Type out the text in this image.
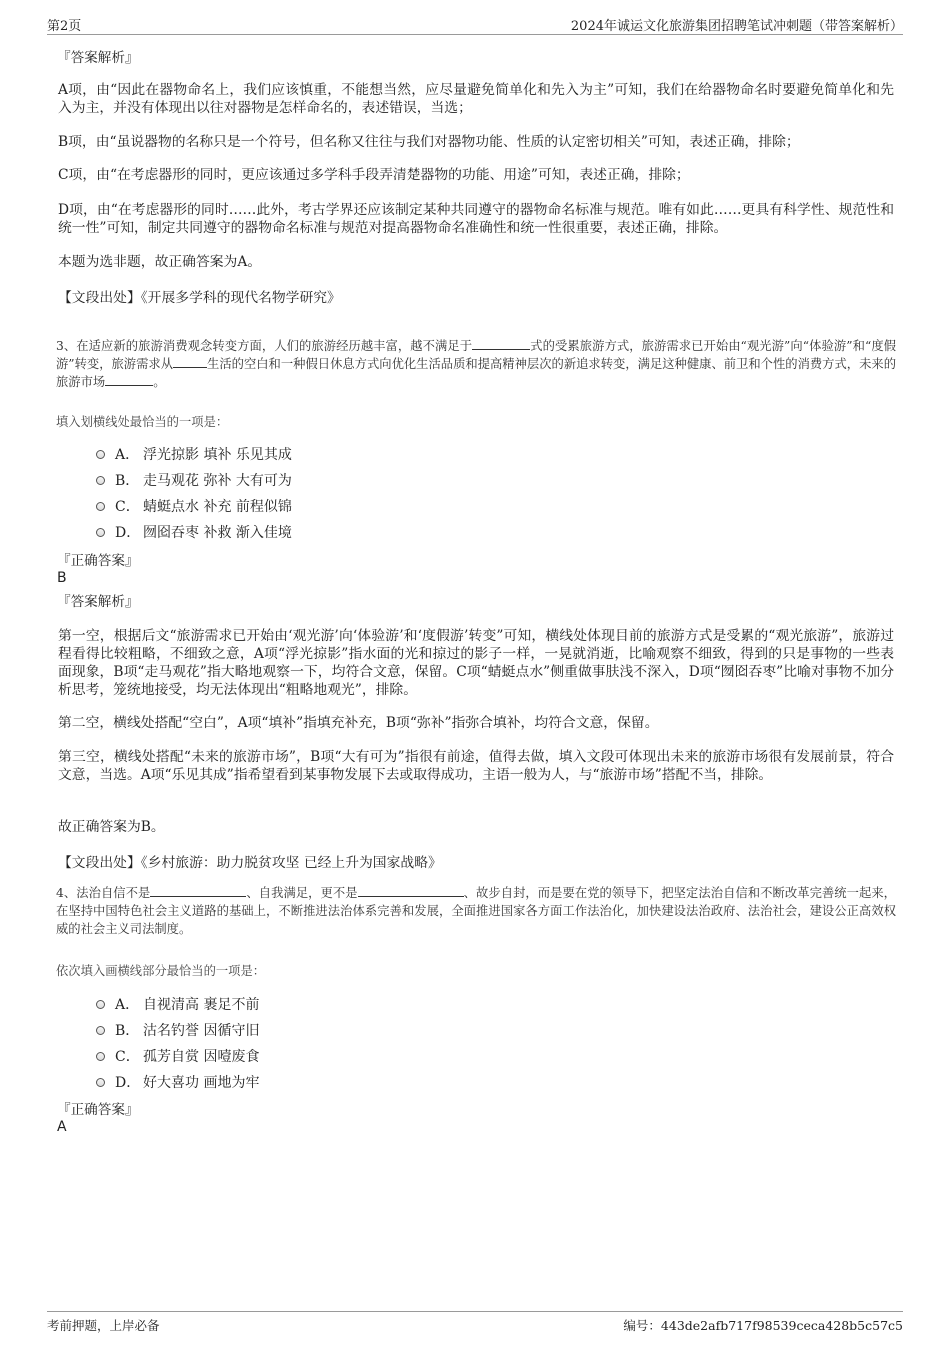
第2页	2024年诚运文化旅游集团招聘笔试冲刺题（带答案解析）
『答案解析』
A项，由“因此在器物命名上，我们应该慎重，不能想当然，应尽量避免简单化和先入为主”可知，我们在给器物命名时要避免简单化和先入为主，并没有体现出以往对器物是怎样命名的，表述错误，当选；
B项，由“虽说器物的名称只是一个符号，但名称又往往与我们对器物功能、性质的认定密切相关”可知，表述正确，排除；
C项，由“在考虑器形的同时，更应该通过多学科手段弄清楚器物的功能、用途”可知，表述正确，排除；
D项，由“在考虑器形的同时……此外，考古学界还应该制定某种共同遵守的器物命名标准与规范。唯有如此……更具有科学性、规范性和统一性”可知，制定共同遵守的器物命名标准与规范对提高器物命名准确性和统一性很重要，表述正确，排除。
本题为选非题，故正确答案为A。
【文段出处】《开展多学科的现代名物学研究》
3、在适应新的旅游消费观念转变方面，人们的旅游经历越丰富，越不满足于	式的受累旅游方式，旅游需求已开始由“观光游”向“体验游”和“度假游”转变，旅游需求从	生活的空白和一种假日休息方式向优化生活品质和提高精神层次的新追求转变，满足这种健康、前卫和个性的消费方式，未来的旅游市场	。
填入划横线处最恰当的一项是：
A． 浮光掠影 填补 乐见其成
B． 走马观花 弥补 大有可为
C． 蜻蜓点水 补充 前程似锦
D． 囫囵吞枣 补救 渐入佳境
『正确答案』
B
『答案解析』
第一空，根据后文“旅游需求已开始由‘观光游’向‘体验游’和‘度假游’转变”可知，横线处体现目前的旅游方式是受累的“观光旅游”，旅游过程看得比较粗略，不细致之意，A项“浮光掠影”指水面的光和掠过的影子一样，一晃就消逝，比喻观察不细致，得到的只是事物的一些表面现象，B项“走马观花”指大略地观察一下，均符合文意，保留。C项“蜻蜓点水”侧重做事肤浅不深入，D项“囫囵吞枣”比喻对事物不加分析思考，笼统地接受，均无法体现出“粗略地观光”，排除。
第二空，横线处搭配“空白”，A项“填补”指填充补充，B项“弥补”指弥合填补，均符合文意，保留。
第三空，横线处搭配“未来的旅游市场”，B项“大有可为”指很有前途，值得去做，填入文段可体现出未来的旅游市场很有发展前景，符合文意，当选。A项“乐见其成”指希望看到某事物发展下去或取得成功，主语一般为人，与“旅游市场”搭配不当，排除。
故正确答案为B。
【文段出处】《乡村旅游：助力脱贫攻坚 已经上升为国家战略》
4、法治自信不是	、自我满足，更不是	、故步自封，而是要在党的领导下，把坚定法治自信和不断改革完善统一起来，在坚持中国特色社会主义道路的基础上，不断推进法治体系完善和发展，全面推进国家各方面工作法治化，加快建设法治政府、法治社会，建设公正高效权威的社会主义司法制度。
依次填入画横线部分最恰当的一项是：
A． 自视清高 裹足不前
B． 沽名钓誉 因循守旧
C． 孤芳自赏 因噎废食
D． 好大喜功 画地为牢
『正确答案』
A
考前押题，上岸必备	编号：443de2afb717f98539ceca428b5c57c5
